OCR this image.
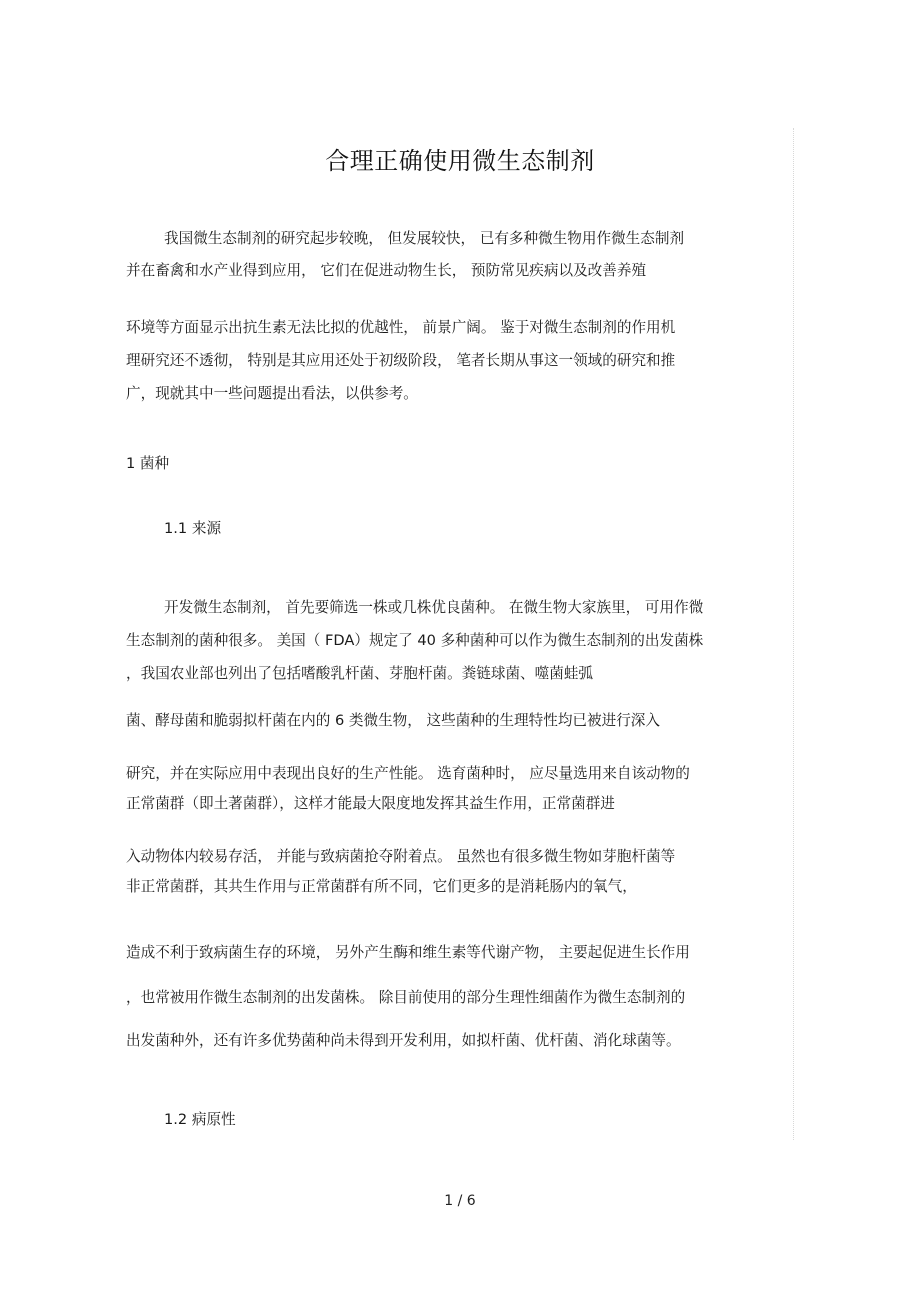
合理正确使用微生态制剂
我国微生态制剂的研究起步较晚， 但发展较快， 已有多种微生物用作微生态制剂
并在畜禽和水产业得到应用， 它们在促进动物生长， 预防常见疾病以及改善养殖
环境等方面显示出抗生素无法比拟的优越性， 前景广阔。 鉴于对微生态制剂的作用机
理研究还不透彻， 特别是其应用还处于初级阶段， 笔者长期从事这一领域的研究和推
广，现就其中一些问题提出看法，以供参考。
1 菌种
1.1 来源
开发微生态制剂， 首先要筛选一株或几株优良菌种。 在微生物大家族里， 可用作微
生态制剂的菌种很多。 美国（ FDA）规定了 40 多种菌种可以作为微生态制剂的出发菌株
，我国农业部也列出了包括嗜酸乳杆菌、芽胞杆菌。粪链球菌、噬菌蛙弧
菌、酵母菌和脆弱拟杆菌在内的 6 类微生物， 这些菌种的生理特性均已被进行深入
研究，并在实际应用中表现出良好的生产性能。 选育菌种时， 应尽量选用来自该动物的
正常菌群（即土著菌群），这样才能最大限度地发挥其益生作用，正常菌群进
入动物体内较易存活， 并能与致病菌抢夺附着点。 虽然也有很多微生物如芽胞杆菌等
非正常菌群，其共生作用与正常菌群有所不同，它们更多的是消耗肠内的氧气，
造成不利于致病菌生存的环境， 另外产生酶和维生素等代谢产物， 主要起促进生长作用
，也常被用作微生态制剂的出发菌株。 除目前使用的部分生理性细菌作为微生态制剂的
出发菌种外，还有许多优势菌种尚未得到开发利用，如拟杆菌、优杆菌、消化球菌等。
1.2 病原性
1 / 6
